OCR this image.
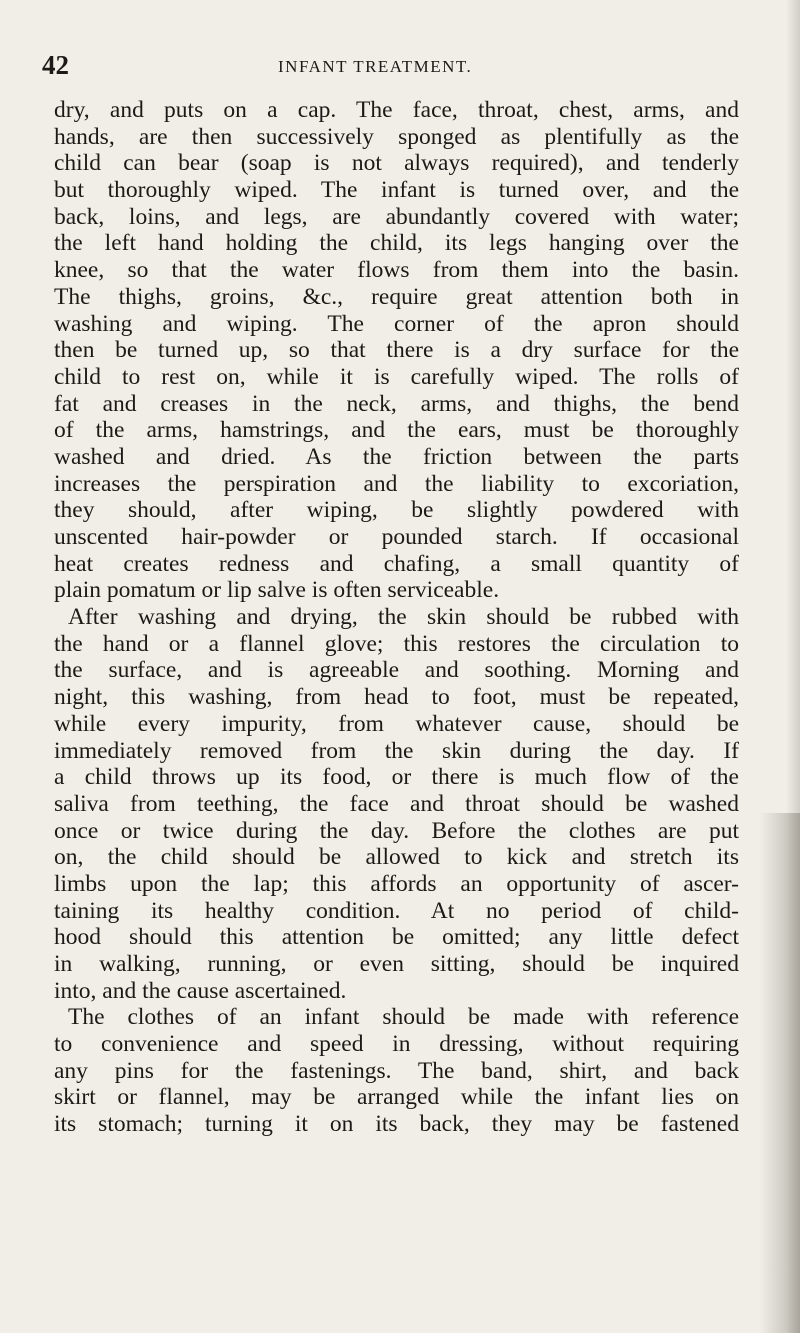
42	INFANT TREATMENT.
dry, and puts on a cap. The face, throat, chest, arms, and
hands, are then successively sponged as plentifully as the
child can bear (soap is not always required), and tenderly
but thoroughly wiped. The infant is turned over, and the
back, loins, and legs, are abundantly covered with water;
the left hand holding the child, its legs hanging over the
knee, so that the water flows from them into the basin.
The thighs, groins, &c., require great attention both in
washing and wiping. The corner of the apron should
then be turned up, so that there is a dry surface for the
child to rest on, while it is carefully wiped. The rolls of
fat and creases in the neck, arms, and thighs, the bend
of the arms, hamstrings, and the ears, must be thoroughly
washed and dried. As the friction between the parts
increases the perspiration and the liability to excoriation,
they should, after wiping, be slightly powdered with
unscented hair-powder or pounded starch. If occasional
heat creates redness and chafing, a small quantity of
plain pomatum or lip salve is often serviceable.
After washing and drying, the skin should be rubbed with
the hand or a flannel glove; this restores the circulation to
the surface, and is agreeable and soothing. Morning and
night, this washing, from head to foot, must be repeated,
while every impurity, from whatever cause, should be
immediately removed from the skin during the day. If
a child throws up its food, or there is much flow of the
saliva from teething, the face and throat should be washed
once or twice during the day. Before the clothes are put
on, the child should be allowed to kick and stretch its
limbs upon the lap; this affords an opportunity of ascer-
taining its healthy condition. At no period of child-
hood should this attention be omitted; any little defect
in walking, running, or even sitting, should be inquired
into, and the cause ascertained.
The clothes of an infant should be made with reference
to convenience and speed in dressing, without requiring
any pins for the fastenings. The band, shirt, and back
skirt or flannel, may be arranged while the infant lies on
its stomach; turning it on its back, they may be fastened
